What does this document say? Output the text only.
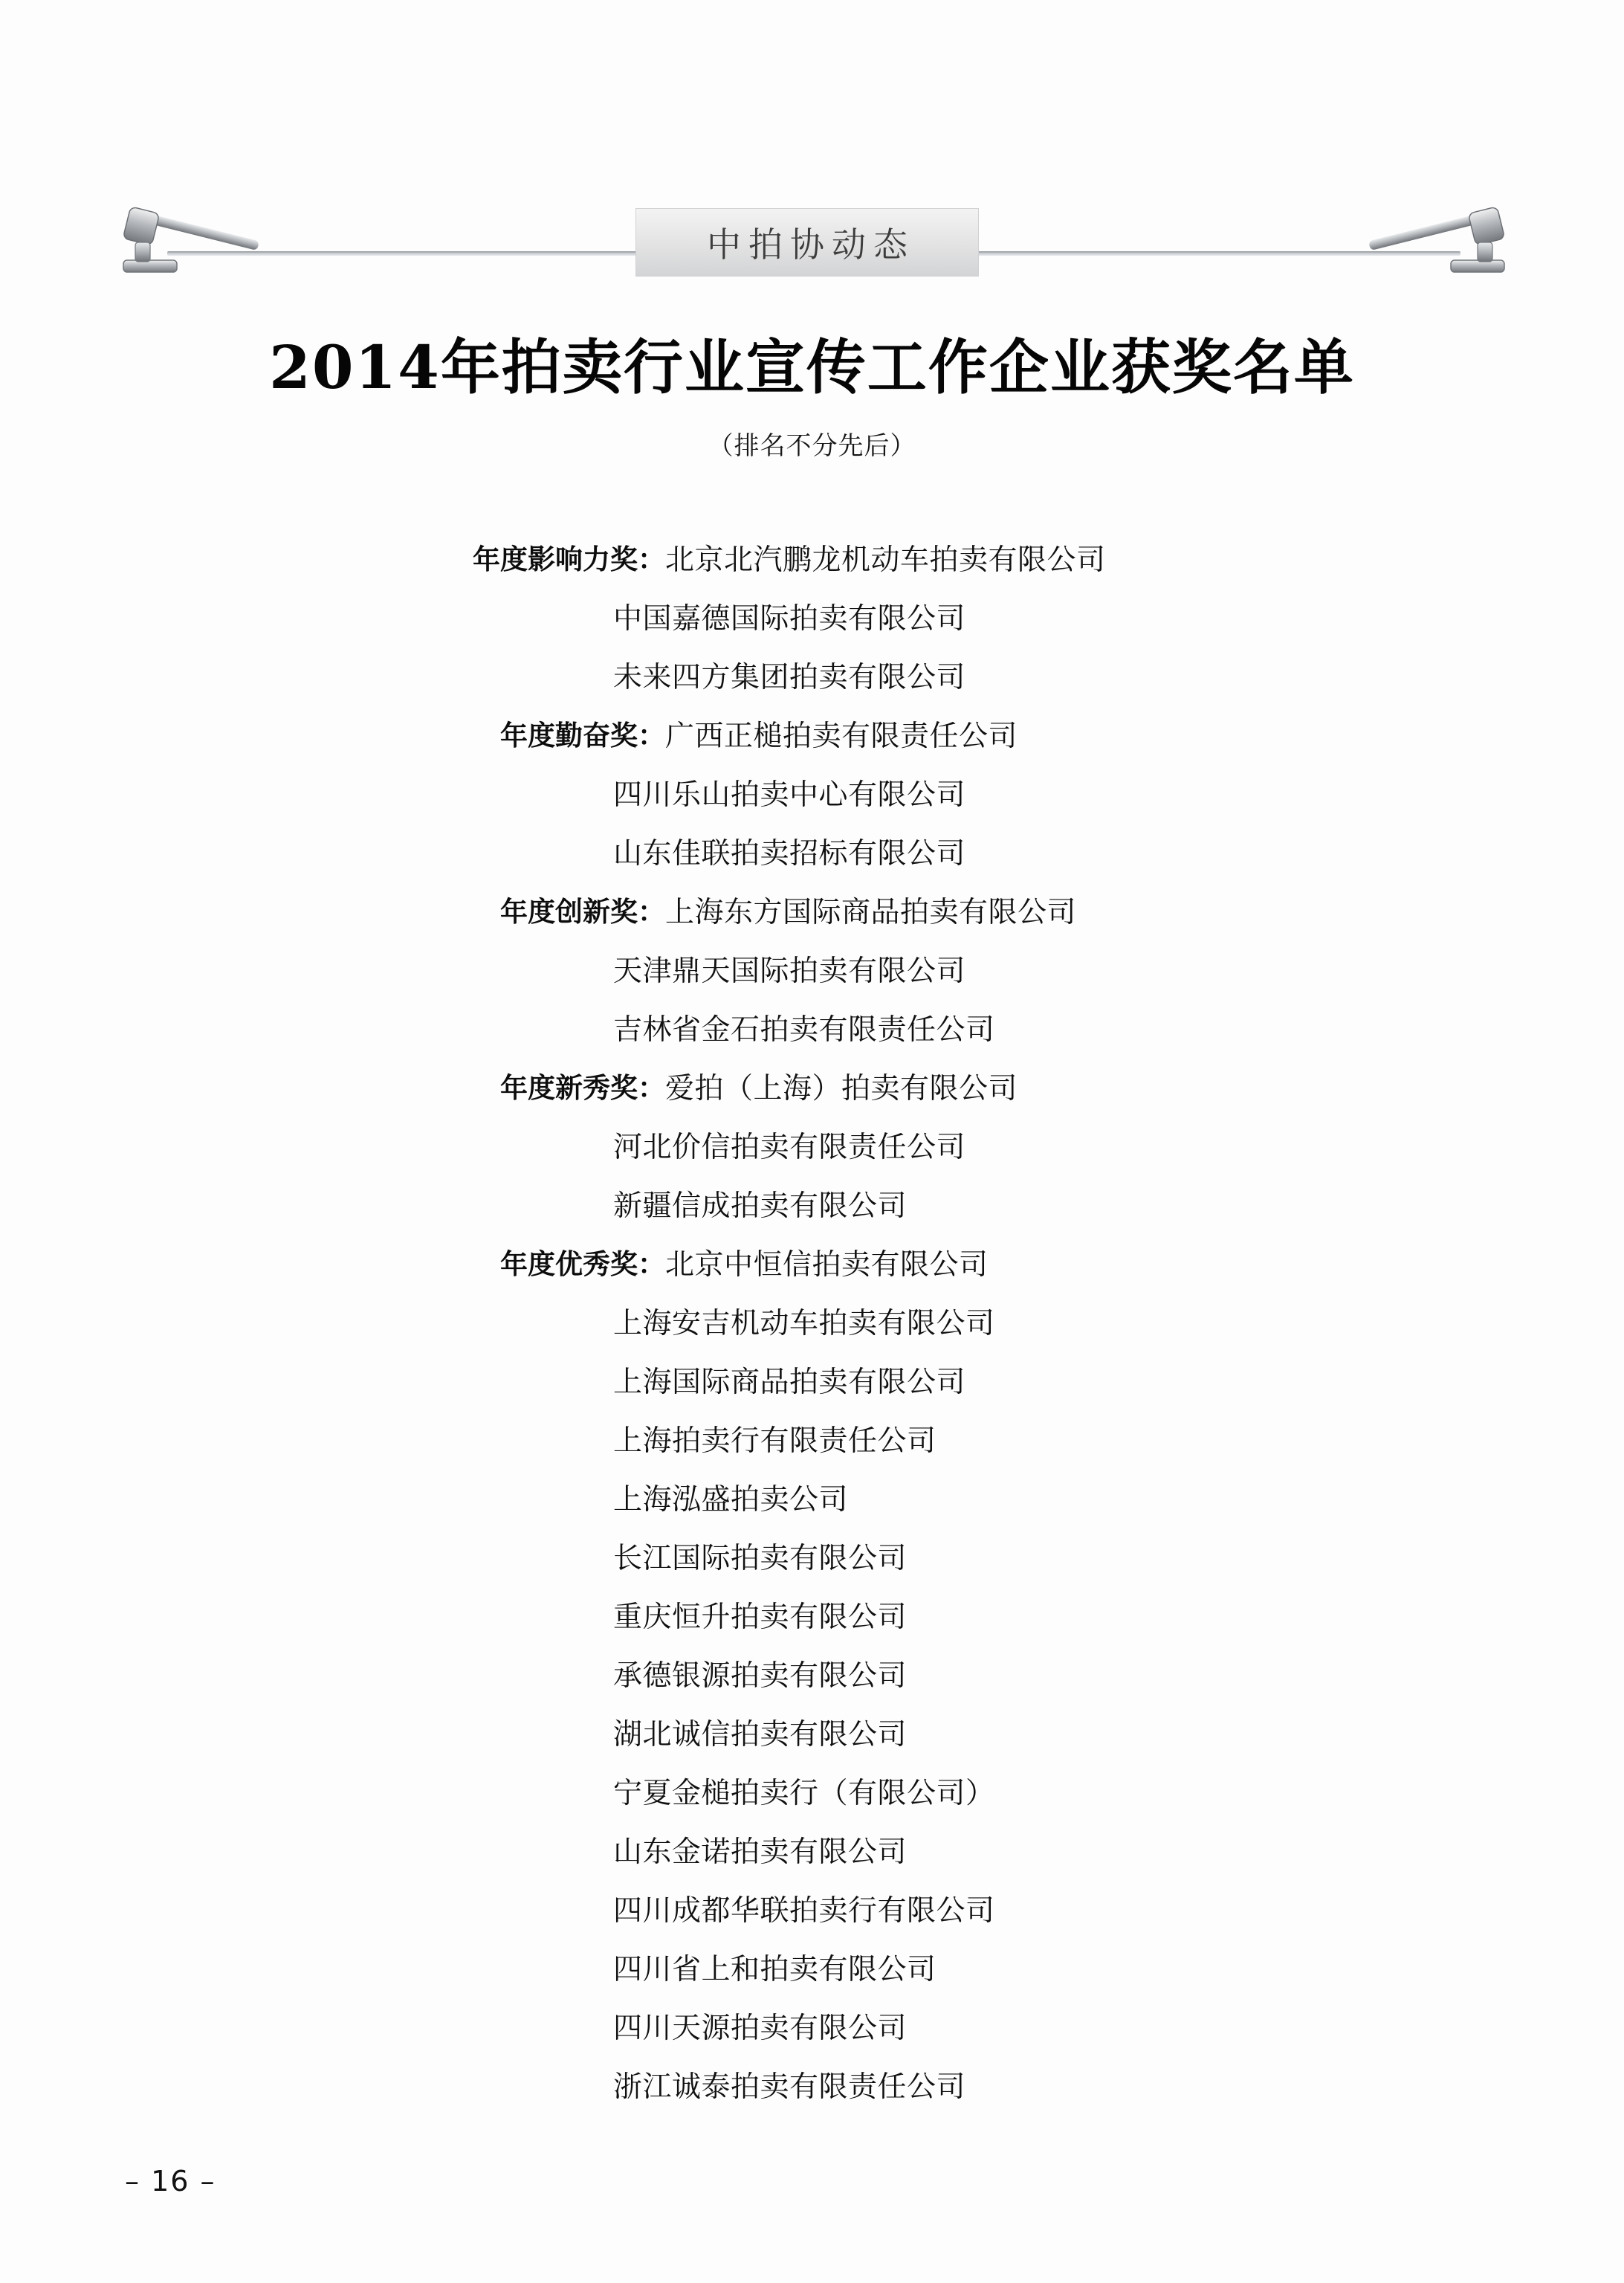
中拍协动态
2014年拍卖行业宣传工作企业获奖名单
（排名不分先后）
年度影响力奖： 北京北汽鹏龙机动车拍卖有限公司
中国嘉德国际拍卖有限公司
未来四方集团拍卖有限公司
年度勤奋奖： 广西正槌拍卖有限责任公司
四川乐山拍卖中心有限公司
山东佳联拍卖招标有限公司
年度创新奖： 上海东方国际商品拍卖有限公司
天津鼎天国际拍卖有限公司
吉林省金石拍卖有限责任公司
年度新秀奖： 爱拍（上海）拍卖有限公司
河北价信拍卖有限责任公司
新疆信成拍卖有限公司
年度优秀奖： 北京中恒信拍卖有限公司
上海安吉机动车拍卖有限公司
上海国际商品拍卖有限公司
上海拍卖行有限责任公司
上海泓盛拍卖公司
长江国际拍卖有限公司
重庆恒升拍卖有限公司
承德银源拍卖有限公司
湖北诚信拍卖有限公司
宁夏金槌拍卖行（有限公司）
山东金诺拍卖有限公司
四川成都华联拍卖行有限公司
四川省上和拍卖有限公司
四川天源拍卖有限公司
浙江诚泰拍卖有限责任公司
– 16 –
